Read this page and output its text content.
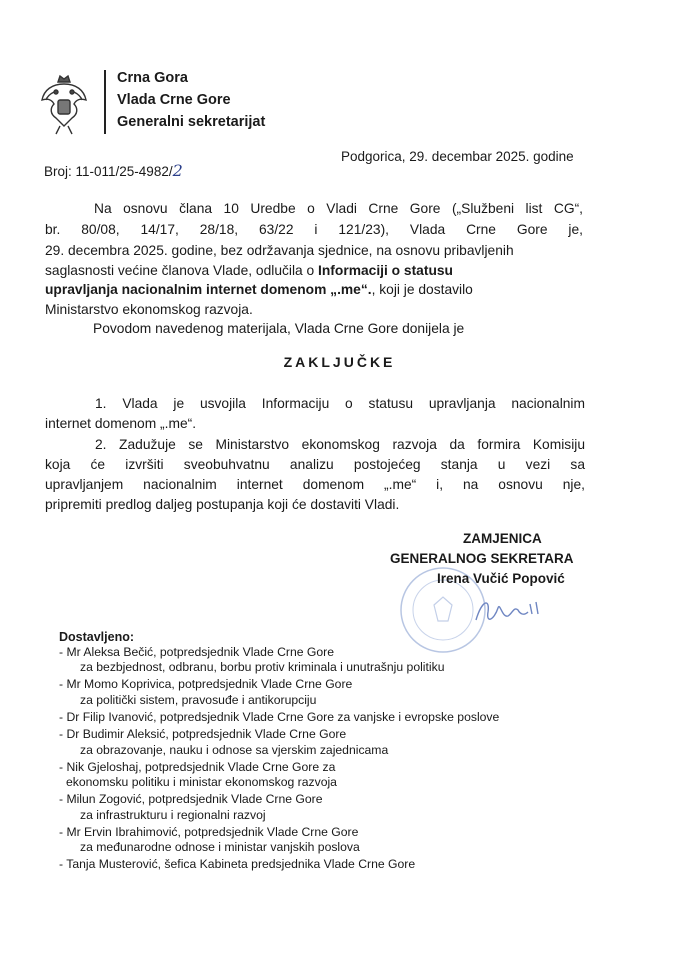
Crna Gora
Vlada Crne Gore
Generalni sekretarijat
Broj: 11-011/25-4982/2
Podgorica, 29. decembar 2025. godine
Na osnovu člana 10 Uredbe o Vladi Crne Gore („Službeni list CG“,
br. 80/08, 14/17, 28/18, 63/22 i 121/23), Vlada Crne Gore je,
29. decembra 2025. godine, bez održavanja sjednice, na osnovu pribavljenih
saglasnosti većine članova Vlade, odlučila o Informaciji o statusu
upravljanja nacionalnim internet domenom „.me“., koji je dostavilo
Ministarstvo ekonomskog razvoja.
Povodom navedenog materijala, Vlada Crne Gore donijela je
ZAKLJUČKE
1. Vlada je usvojila Informaciju o statusu upravljanja nacionalnim
internet domenom „.me“.
2. Zadužuje se Ministarstvo ekonomskog razvoja da formira Komisiju
koja će izvršiti sveobuhvatnu analizu postojećeg stanja u vezi sa
upravljanjem nacionalnim internet domenom „.me“ i, na osnovu nje,
pripremiti predlog daljeg postupanja koji će dostaviti Vladi.
ZAMJENICA
GENERALNOG SEKRETARA
Irena Vučić Popović
Dostavljeno:
- Mr Aleksa Bečić, potpredsjednik Vlade Crne Gore
za bezbjednost, odbranu, borbu protiv kriminala i unutrašnju politiku
- Mr Momo Koprivica, potpredsjednik Vlade Crne Gore
za politički sistem, pravosuđe i antikorupciju
- Dr Filip Ivanović, potpredsjednik Vlade Crne Gore za vanjske i evropske poslove
- Dr Budimir Aleksić, potpredsjednik Vlade Crne Gore
za obrazovanje, nauku i odnose sa vjerskim zajednicama
- Nik Gjeloshaj, potpredsjednik Vlade Crne Gore za
ekonomsku politiku i ministar ekonomskog razvoja
- Milun Zogović, potpredsjednik Vlade Crne Gore
za infrastrukturu i regionalni razvoj
- Mr Ervin Ibrahimović, potpredsjednik Vlade Crne Gore
za međunarodne odnose i ministar vanjskih poslova
- Tanja Musterović, šefica Kabineta predsjednika Vlade Crne Gore
